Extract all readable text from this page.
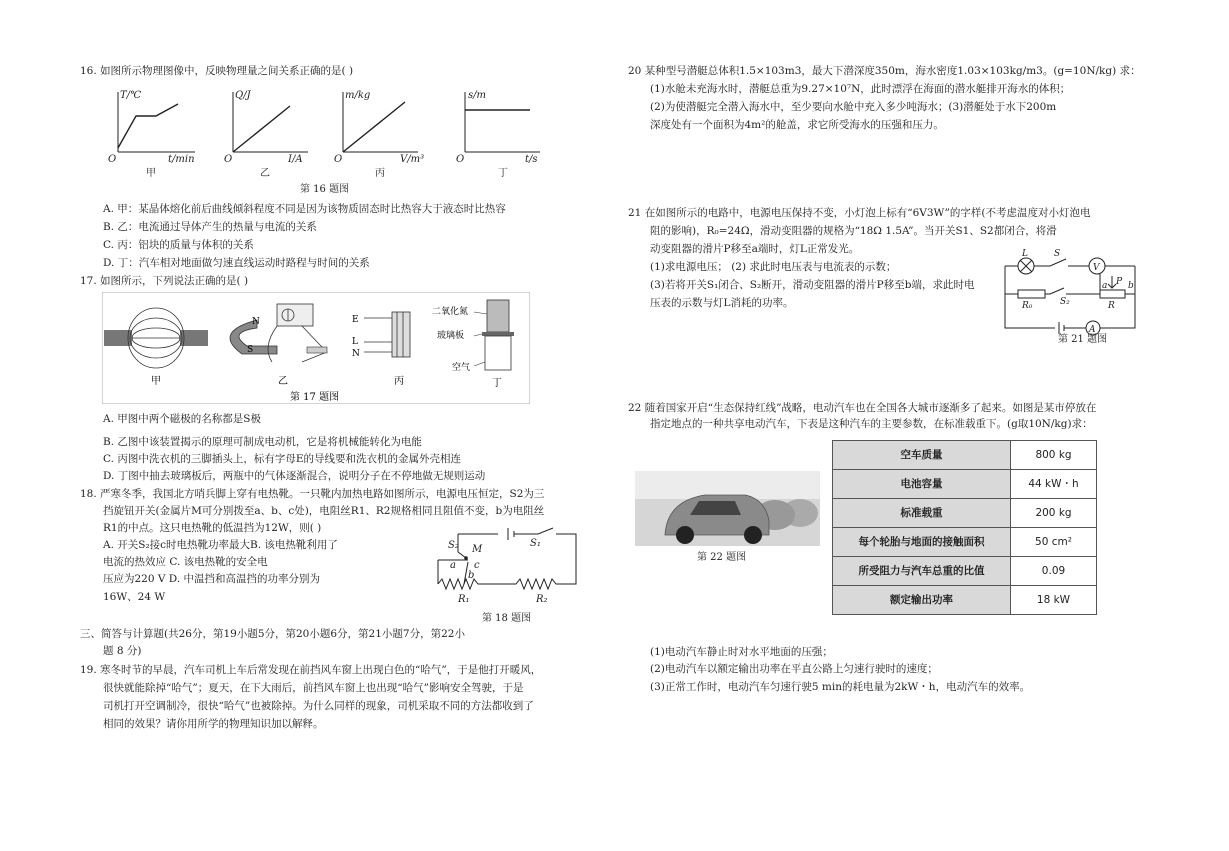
16. 如图所示物理图像中，反映物理量之间关系正确的是( )
T/℃
t/min
O
Q/J
I/A
O
m/kg
V/m³
O
s/m
t/s
O
甲	乙	丙	丁
第 16 题图
A. 甲：某晶体熔化前后曲线倾斜程度不同是因为该物质固态时比热容大于液态时比热容
B. 乙：电流通过导体产生的热量与电流的关系
C. 丙：铝块的质量与体积的关系
D. 丁：汽车相对地面做匀速直线运动时路程与时间的关系
17. 如图所示，下列说法正确的是( )
甲
N
S
乙
E
L
N
丙
二氧化氮
玻璃板
空气
丁
第 17 题图
A. 甲图中两个磁极的名称都是S极
B. 乙图中该装置揭示的原理可制成电动机，它是将机械能转化为电能
C. 丙图中洗衣机的三脚插头上，标有字母E的导线要和洗衣机的金属外壳相连
D. 丁图中抽去玻璃板后，两瓶中的气体逐渐混合，说明分子在不停地做无规则运动
18. 严寒冬季，我国北方哨兵脚上穿有电热靴。一只靴内加热电路如图所示，电源电压恒定，S2为三
挡旋钮开关(金属片M可分别拨至a、b、c处)，电阻丝R1、R2规格相同且阻值不变，b为电阻丝
R1的中点。这只电热靴的低温挡为12W，则( )
A. 开关S₂接c时电热靴功率最大B. 该电热靴利用了
电流的热效应 C. 该电热靴的安全电
压应为220 V D. 中温挡和高温挡的功率分别为
16W、24 W
S₂ M
S₁
a
b
c
R₁	R₂
第 18 题图
三、简答与计算题(共26分，第19小题5分，第20小题6分，第21小题7分，第22小
题 8 分)
19. 寒冬时节的早晨，汽车司机上车后常发现在前挡风车窗上出现白色的“哈气”，于是他打开暖风，
很快就能除掉“哈气”；夏天，在下大雨后，前挡风车窗上也出现“哈气”影响安全驾驶，于是
司机打开空调制冷，很快“哈气”也被除掉。为什么同样的现象，司机采取不同的方法都收到了
相同的效果？请你用所学的物理知识加以解释。
20 某种型号潜艇总体积1.5×103m3，最大下潜深度350m，海水密度1.03×103kg/m3。(g=10N/kg) 求：
(1)水舱未充海水时，潜艇总重为9.27×10⁷N，此时漂浮在海面的潜水艇排开海水的体积；
(2)为使潜艇完全潜入海水中，至少要向水舱中充入多少吨海水；(3)潜艇处于水下200m
深度处有一个面积为4m²的舱盖，求它所受海水的压强和压力。
21 在如图所示的电路中，电源电压保持不变，小灯泡上标有“6V3W”的字样(不考虑温度对小灯泡电
阻的影响)，R₀=24Ω，滑动变阻器的规格为“18Ω 1.5A”。当开关S1、S2都闭合，将滑
动变阻器的滑片P移至a端时，灯L正常发光。
(1)求电源电压； (2) 求此时电压表与电流表的示数；
(3)若将开关S₁闭合、S₂断开，滑动变阻器的滑片P移至b端，求此时电
压表的示数与灯L消耗的功率。
L	S
V
P
a b
R₀	S₂	R
A
第 21 题图
22 随着国家开启“生态保持红线”战略，电动汽车也在全国各大城市逐渐多了起来。如图是某市停放在
指定地点的一种共享电动汽车，下表是这种汽车的主要参数，在标准载重下。(g取10N/kg)求：
第 22 题图
空车质量	800 kg
电池容量	44 kW・h
标准载重	200 kg
每个轮胎与地面的接触面积	50 cm²
所受阻力与汽车总重的比值	0.09
额定输出功率	18 kW
(1)电动汽车静止时对水平地面的压强；
(2)电动汽车以额定输出功率在平直公路上匀速行驶时的速度；
(3)正常工作时，电动汽车匀速行驶5 min的耗电量为2kW・h，电动汽车的效率。
